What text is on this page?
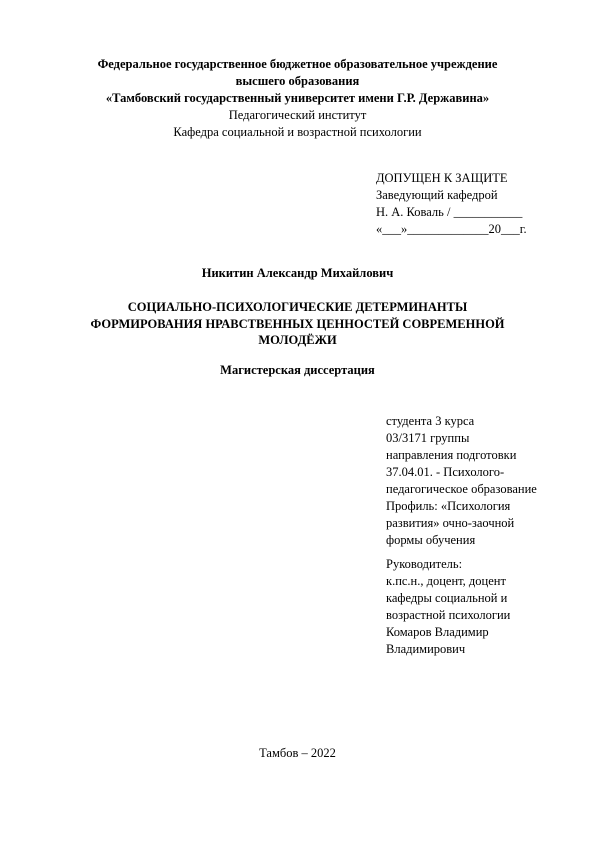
Федеральное государственное бюджетное образовательное учреждение
высшего образования
«Тамбовский государственный университет имени Г.Р. Державина»
Педагогический институт
Кафедра социальной и возрастной психологии
ДОПУЩЕН К ЗАЩИТЕ
Заведующий кафедрой
Н. А. Коваль / ___________
«___»_____________20___г.
Никитин Александр Михайлович
СОЦИАЛЬНО-ПСИХОЛОГИЧЕСКИЕ ДЕТЕРМИНАНТЫ
ФОРМИРОВАНИЯ НРАВСТВЕННЫХ ЦЕННОСТЕЙ СОВРЕМЕННОЙ
МОЛОДЁЖИ
Магистерская диссертация
студента 3 курса
03/3171 группы
направления подготовки
37.04.01. - Психолого-
педагогическое образование
Профиль: «Психология
развития» очно-заочной
формы обучения
Руководитель:
к.пс.н., доцент, доцент
кафедры социальной и
возрастной психологии
Комаров Владимир
Владимирович
Тамбов – 2022
